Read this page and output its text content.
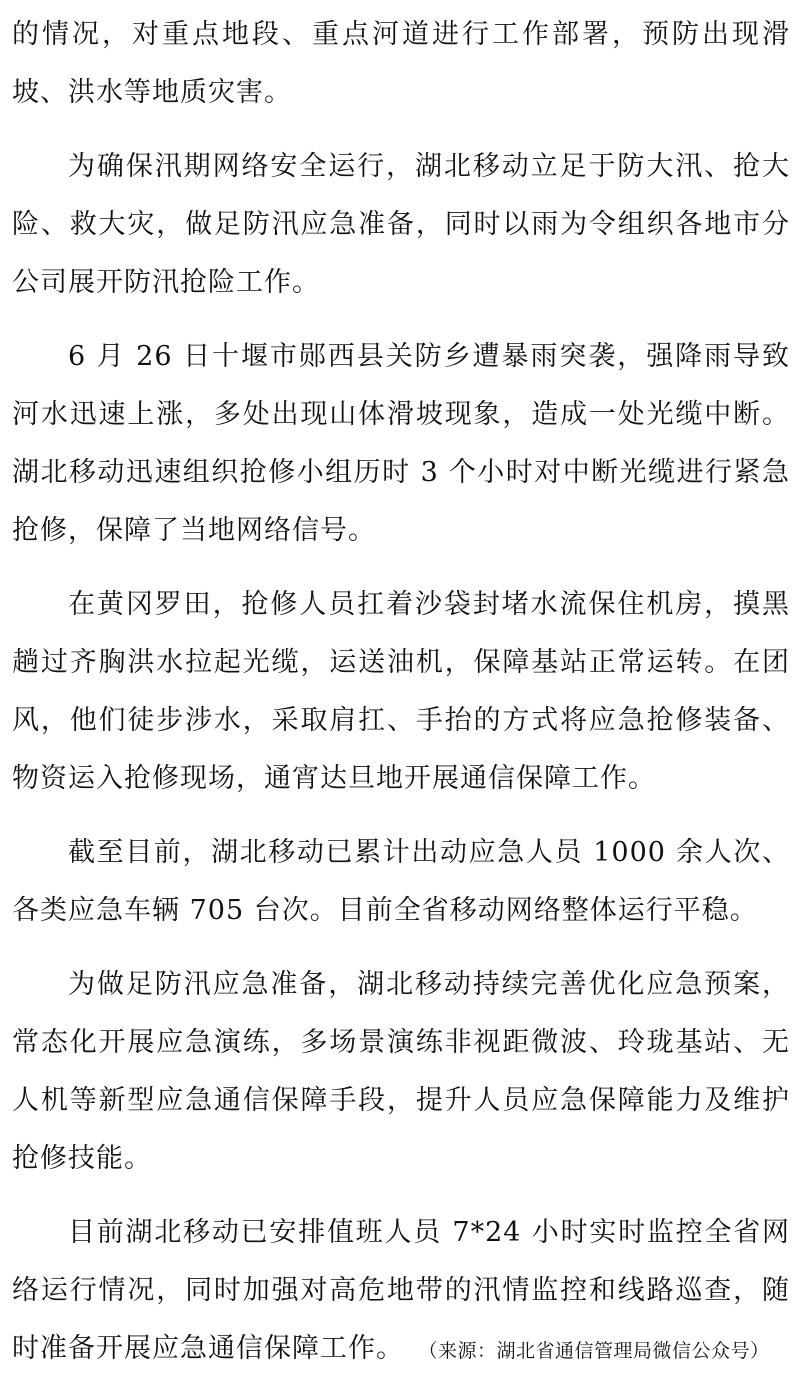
的情况，对重点地段、重点河道进行工作部署，预防出现滑坡、洪水等地质灾害。

为确保汛期网络安全运行，湖北移动立足于防大汛、抢大险、救大灾，做足防汛应急准备，同时以雨为令组织各地市分公司展开防汛抢险工作。

6 月 26 日十堰市郧西县关防乡遭暴雨突袭，强降雨导致河水迅速上涨，多处出现山体滑坡现象，造成一处光缆中断。湖北移动迅速组织抢修小组历时 3 个小时对中断光缆进行紧急抢修，保障了当地网络信号。

在黄冈罗田，抢修人员扛着沙袋封堵水流保住机房，摸黑趟过齐胸洪水拉起光缆，运送油机，保障基站正常运转。在团风，他们徒步涉水，采取肩扛、手抬的方式将应急抢修装备、物资运入抢修现场，通宵达旦地开展通信保障工作。

截至目前，湖北移动已累计出动应急人员 1000 余人次、各类应急车辆 705 台次。目前全省移动网络整体运行平稳。

为做足防汛应急准备，湖北移动持续完善优化应急预案，常态化开展应急演练，多场景演练非视距微波、玲珑基站、无人机等新型应急通信保障手段，提升人员应急保障能力及维护抢修技能。

目前湖北移动已安排值班人员 7*24 小时实时监控全省网络运行情况，同时加强对高危地带的汛情监控和线路巡查，随时准备开展应急通信保障工作。 （来源：湖北省通信管理局微信公众号）
